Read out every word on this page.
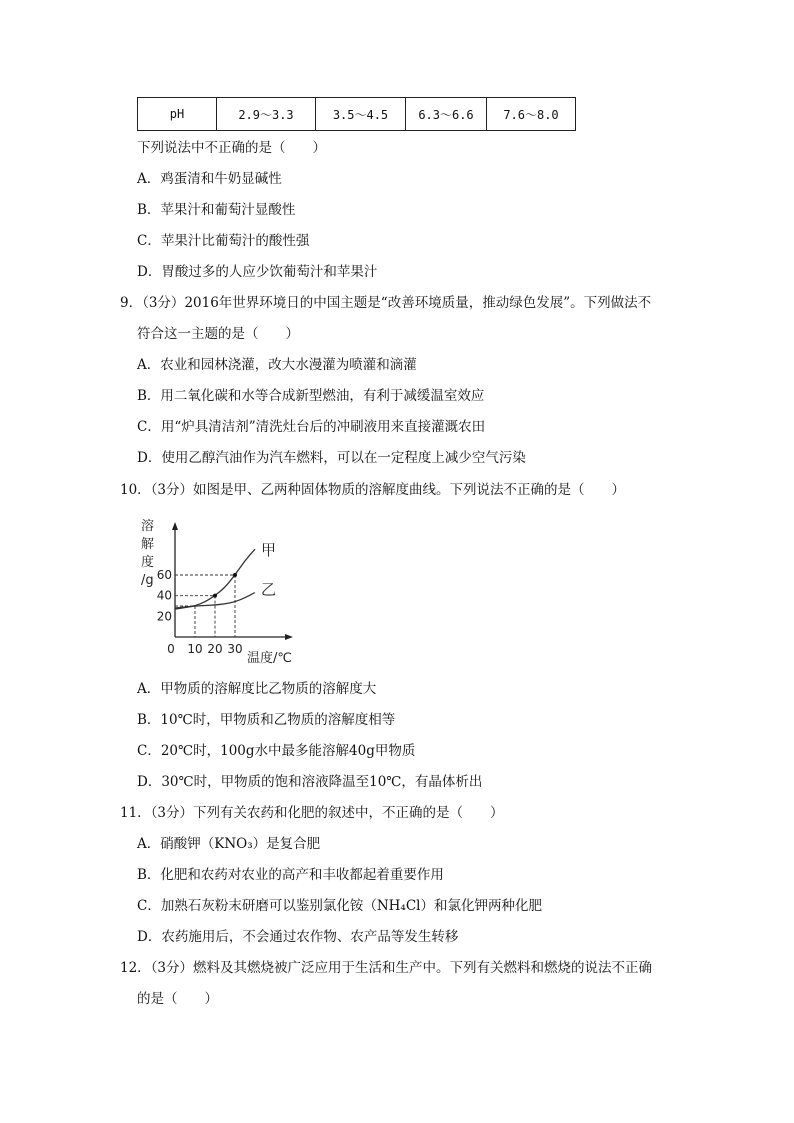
pH	2.9～3.3	3.5～4.5	6.3～6.6	7.6～8.0
下列说法中不正确的是（　　）
A．鸡蛋清和牛奶显碱性
B．苹果汁和葡萄汁显酸性
C．苹果汁比葡萄汁的酸性强
D．胃酸过多的人应少饮葡萄汁和苹果汁
9．（3分）2016年世界环境日的中国主题是“改善环境质量，推动绿色发展”。下列做法不
符合这一主题的是（　　）
A．农业和园林浇灌，改大水漫灌为喷灌和滴灌
B．用二氧化碳和水等合成新型燃油，有利于减缓温室效应
C．用“炉具清洁剂”清洗灶台后的冲刷液用来直接灌溉农田
D．使用乙醇汽油作为汽车燃料，可以在一定程度上减少空气污染
10．（3分）如图是甲、乙两种固体物质的溶解度曲线。下列说法不正确的是（　　）
溶
解
度
/g
0 10 20 30
20
40
60
温度/℃
甲
乙
A．甲物质的溶解度比乙物质的溶解度大
B．10℃时，甲物质和乙物质的溶解度相等
C．20℃时，100g水中最多能溶解40g甲物质
D．30℃时，甲物质的饱和溶液降温至10℃，有晶体析出
11．（3分）下列有关农药和化肥的叙述中，不正确的是（　　）
A．硝酸钾（KNO₃）是复合肥
B．化肥和农药对农业的高产和丰收都起着重要作用
C．加熟石灰粉末研磨可以鉴别氯化铵（NH₄Cl）和氯化钾两种化肥
D．农药施用后，不会通过农作物、农产品等发生转移
12．（3分）燃料及其燃烧被广泛应用于生活和生产中。下列有关燃料和燃烧的说法不正确
的是（　　）
